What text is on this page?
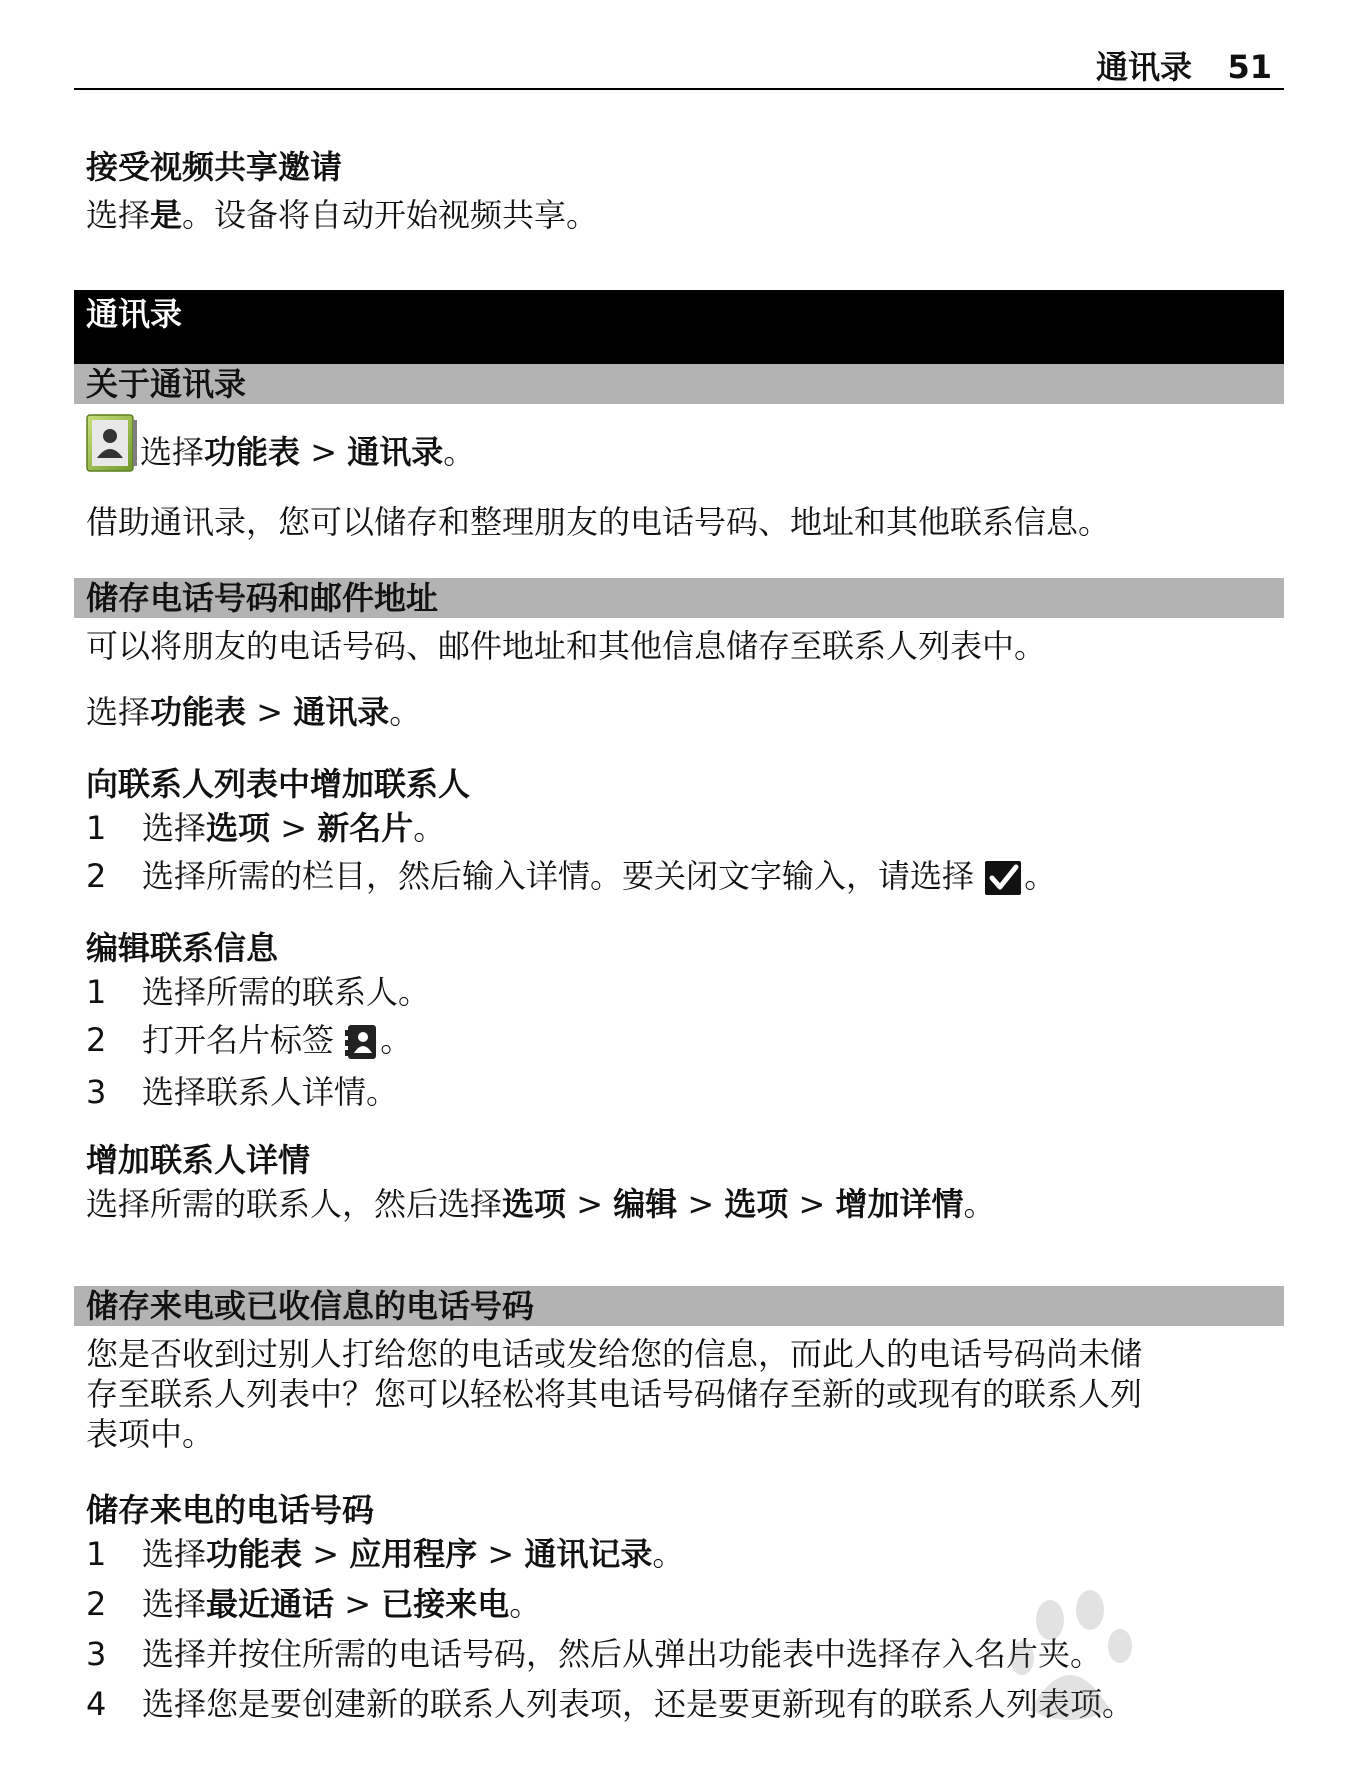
通讯录 51
接受视频共享邀请
选择是。设备将自动开始视频共享。
通讯录
关于通讯录
选择功能表 > 通讯录。
借助通讯录，您可以储存和整理朋友的电话号码、地址和其他联系信息。
储存电话号码和邮件地址
可以将朋友的电话号码、邮件地址和其他信息储存至联系人列表中。
选择功能表 > 通讯录。
向联系人列表中增加联系人
1 选择选项 > 新名片。
2 选择所需的栏目，然后输入详情。要关闭文字输入，请选择 。
编辑联系信息
1 选择所需的联系人。
2 打开名片标签 。
3 选择联系人详情。
增加联系人详情
选择所需的联系人，然后选择选项 > 编辑 > 选项 > 增加详情。
储存来电或已收信息的电话号码
您是否收到过别人打给您的电话或发给您的信息，而此人的电话号码尚未储
存至联系人列表中？您可以轻松将其电话号码储存至新的或现有的联系人列
表项中。
储存来电的电话号码
1 选择功能表 > 应用程序 > 通讯记录。
2 选择最近通话 > 已接来电。
3 选择并按住所需的电话号码，然后从弹出功能表中选择存入名片夹。
4 选择您是要创建新的联系人列表项，还是要更新现有的联系人列表项。
